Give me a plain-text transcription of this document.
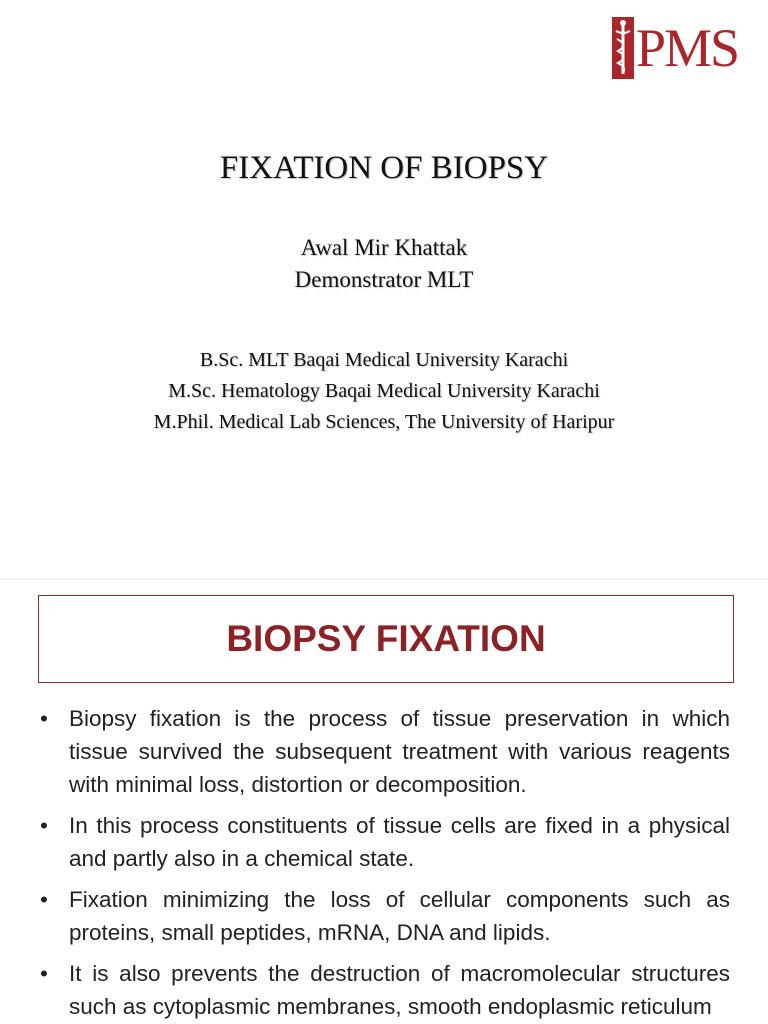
PMS
FIXATION OF BIOPSY
Awal Mir Khattak
Demonstrator MLT
B.Sc. MLT Baqai Medical University Karachi
M.Sc. Hematology Baqai Medical University Karachi
M.Phil. Medical Lab Sciences, The University of Haripur
BIOPSY FIXATION
• Biopsy fixation is the process of tissue preservation in which tissue survived the subsequent treatment with various reagents with minimal loss, distortion or decomposition.
• In this process constituents of tissue cells are fixed in a physical and partly also in a chemical state.
• Fixation minimizing the loss of cellular components such as proteins, small peptides, mRNA, DNA and lipids.
• It is also prevents the destruction of macromolecular structures such as cytoplasmic membranes, smooth endoplasmic reticulum
